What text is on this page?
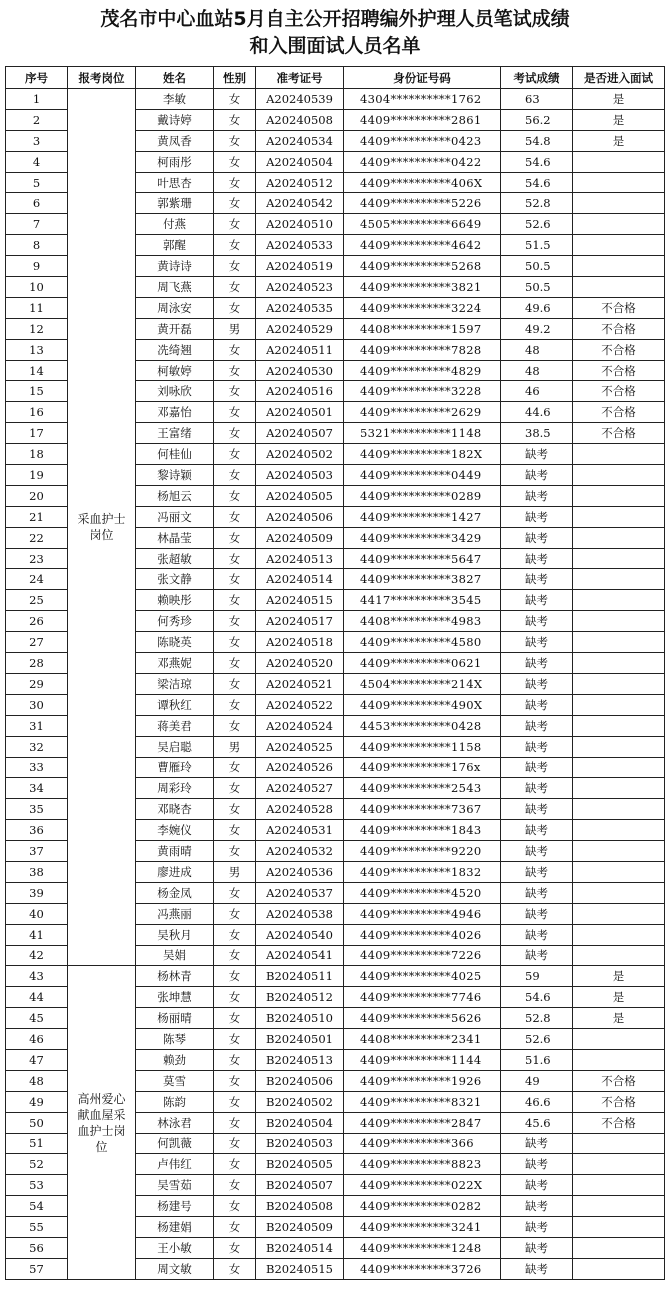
茂名市中心血站5月自主公开招聘编外护理人员笔试成绩
和入围面试人员名单
序号	报考岗位	姓名	性别	准考证号	身份证号码	考试成绩	是否进入面试
1	采血护士岗位	李敏	女	A20240539	4304**********1762	63	是
2		戴诗婷	女	A20240508	4409**********2861	56.2	是
3		黄凤香	女	A20240534	4409**********0423	54.8	是
4		柯雨彤	女	A20240504	4409**********0422	54.6	
5		叶思杏	女	A20240512	4409**********406X	54.6	
6		郭紫珊	女	A20240542	4409**********5226	52.8	
7		付燕	女	A20240510	4505**********6649	52.6	
8		郭醒	女	A20240533	4409**********4642	51.5	
9		黄诗诗	女	A20240519	4409**********5268	50.5	
10		周飞燕	女	A20240523	4409**********3821	50.5	
11		周泳安	女	A20240535	4409**********3224	49.6	不合格
12		黄开磊	男	A20240529	4408**********1597	49.2	不合格
13		冼绮翘	女	A20240511	4409**********7828	48	不合格
14		柯敏婷	女	A20240530	4409**********4829	48	不合格
15		刘咏欣	女	A20240516	4409**********3228	46	不合格
16		邓嘉怡	女	A20240501	4409**********2629	44.6	不合格
17		王富绪	女	A20240507	5321**********1148	38.5	不合格
18		何桂仙	女	A20240502	4409**********182X	缺考	
19		黎诗颖	女	A20240503	4409**********0449	缺考	
20		杨旭云	女	A20240505	4409**********0289	缺考	
21		冯丽文	女	A20240506	4409**********1427	缺考	
22		林晶莹	女	A20240509	4409**********3429	缺考	
23		张超敏	女	A20240513	4409**********5647	缺考	
24		张文静	女	A20240514	4409**********3827	缺考	
25		赖映彤	女	A20240515	4417**********3545	缺考	
26		何秀珍	女	A20240517	4408**********4983	缺考	
27		陈晓英	女	A20240518	4409**********4580	缺考	
28		邓燕妮	女	A20240520	4409**********0621	缺考	
29		梁洁琼	女	A20240521	4504**********214X	缺考	
30		谭秋红	女	A20240522	4409**********490X	缺考	
31		蒋美君	女	A20240524	4453**********0428	缺考	
32		吴启聪	男	A20240525	4409**********1158	缺考	
33		曹雁玲	女	A20240526	4409**********176x	缺考	
34		周彩玲	女	A20240527	4409**********2543	缺考	
35		邓晓杏	女	A20240528	4409**********7367	缺考	
36		李婉仪	女	A20240531	4409**********1843	缺考	
37		黄雨晴	女	A20240532	4409**********9220	缺考	
38		廖进成	男	A20240536	4409**********1832	缺考	
39		杨金凤	女	A20240537	4409**********4520	缺考	
40		冯燕丽	女	A20240538	4409**********4946	缺考	
41		吴秋月	女	A20240540	4409**********4026	缺考	
42		吴娟	女	A20240541	4409**********7226	缺考	
43	高州爱心献血屋采血护士岗位	杨林青	女	B20240511	4409**********4025	59	是
44		张坤慧	女	B20240512	4409**********7746	54.6	是
45		杨丽晴	女	B20240510	4409**********5626	52.8	是
46		陈琴	女	B20240501	4408**********2341	52.6	
47		赖劲	女	B20240513	4409**********1144	51.6	
48		莫雪	女	B20240506	4409**********1926	49	不合格
49		陈韵	女	B20240502	4409**********8321	46.6	不合格
50		林泳君	女	B20240504	4409**********2847	45.6	不合格
51		何凯薇	女	B20240503	4409**********366	缺考	
52		卢伟红	女	B20240505	4409**********8823	缺考	
53		吴雪茹	女	B20240507	4409**********022X	缺考	
54		杨建号	女	B20240508	4409**********0282	缺考	
55		杨建娟	女	B20240509	4409**********3241	缺考	
56		王小敏	女	B20240514	4409**********1248	缺考	
57		周文敏	女	B20240515	4409**********3726	缺考	
